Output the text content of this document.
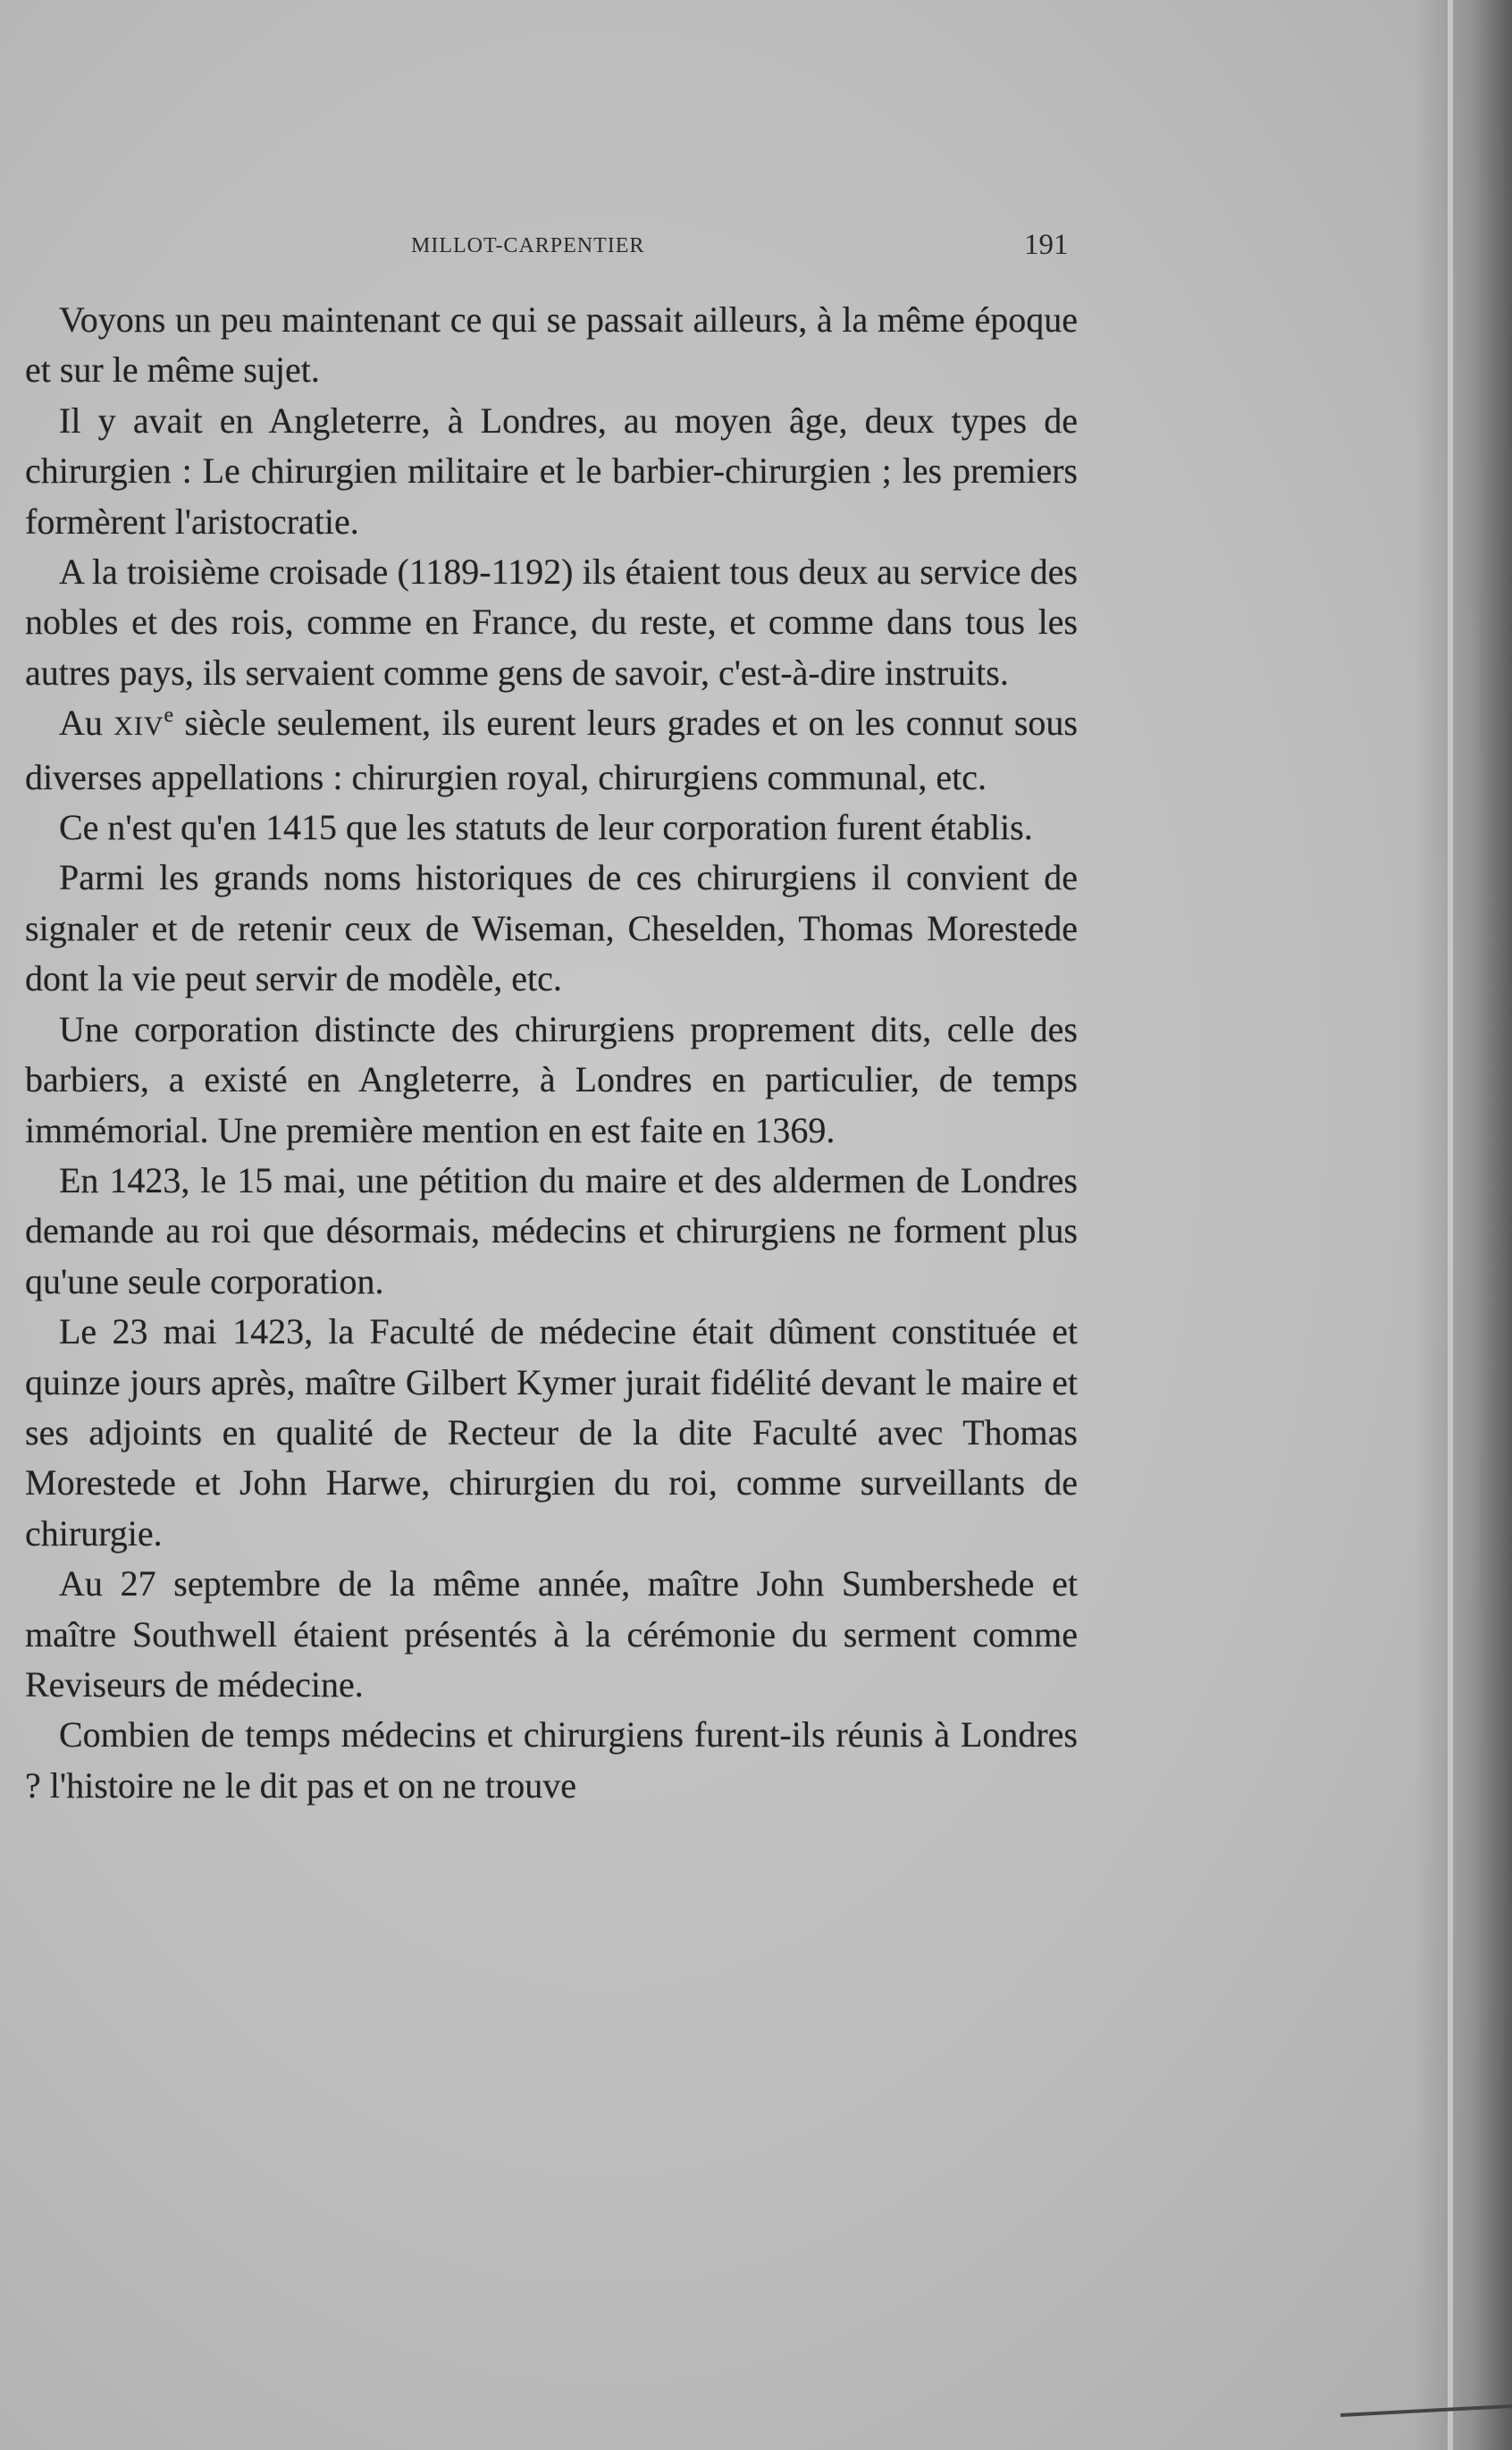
MILLOT-CARPENTIER	191

Voyons un peu maintenant ce qui se passait ailleurs, à la même époque et sur le même sujet.

Il y avait en Angleterre, à Londres, au moyen âge, deux types de chirurgien : Le chirurgien militaire et le barbier-chirurgien ; les premiers formèrent l'aristocratie.

A la troisième croisade (1189-1192) ils étaient tous deux au service des nobles et des rois, comme en France, du reste, et comme dans tous les autres pays, ils servaient comme gens de savoir, c'est-à-dire instruits.

Au XIVe siècle seulement, ils eurent leurs grades et on les connut sous diverses appellations : chirurgien royal, chirurgiens communal, etc.

Ce n'est qu'en 1415 que les statuts de leur corporation furent établis.

Parmi les grands noms historiques de ces chirurgiens il convient de signaler et de retenir ceux de Wiseman, Cheselden, Thomas Morestede dont la vie peut servir de modèle, etc.

Une corporation distincte des chirurgiens proprement dits, celle des barbiers, a existé en Angleterre, à Londres en particulier, de temps immémorial. Une première mention en est faite en 1369.

En 1423, le 15 mai, une pétition du maire et des aldermen de Londres demande au roi que désormais, médecins et chirurgiens ne forment plus qu'une seule corporation.

Le 23 mai 1423, la Faculté de médecine était dûment constituée et quinze jours après, maître Gilbert Kymer jurait fidélité devant le maire et ses adjoints en qualité de Recteur de la dite Faculté avec Thomas Morestede et John Harwe, chirurgien du roi, comme surveillants de chirurgie.

Au 27 septembre de la même année, maître John Sumbershede et maître Southwell étaient présentés à la cérémonie du serment comme Reviseurs de médecine.

Combien de temps médecins et chirurgiens furent-ils réunis à Londres ? l'histoire ne le dit pas et on ne trouve
